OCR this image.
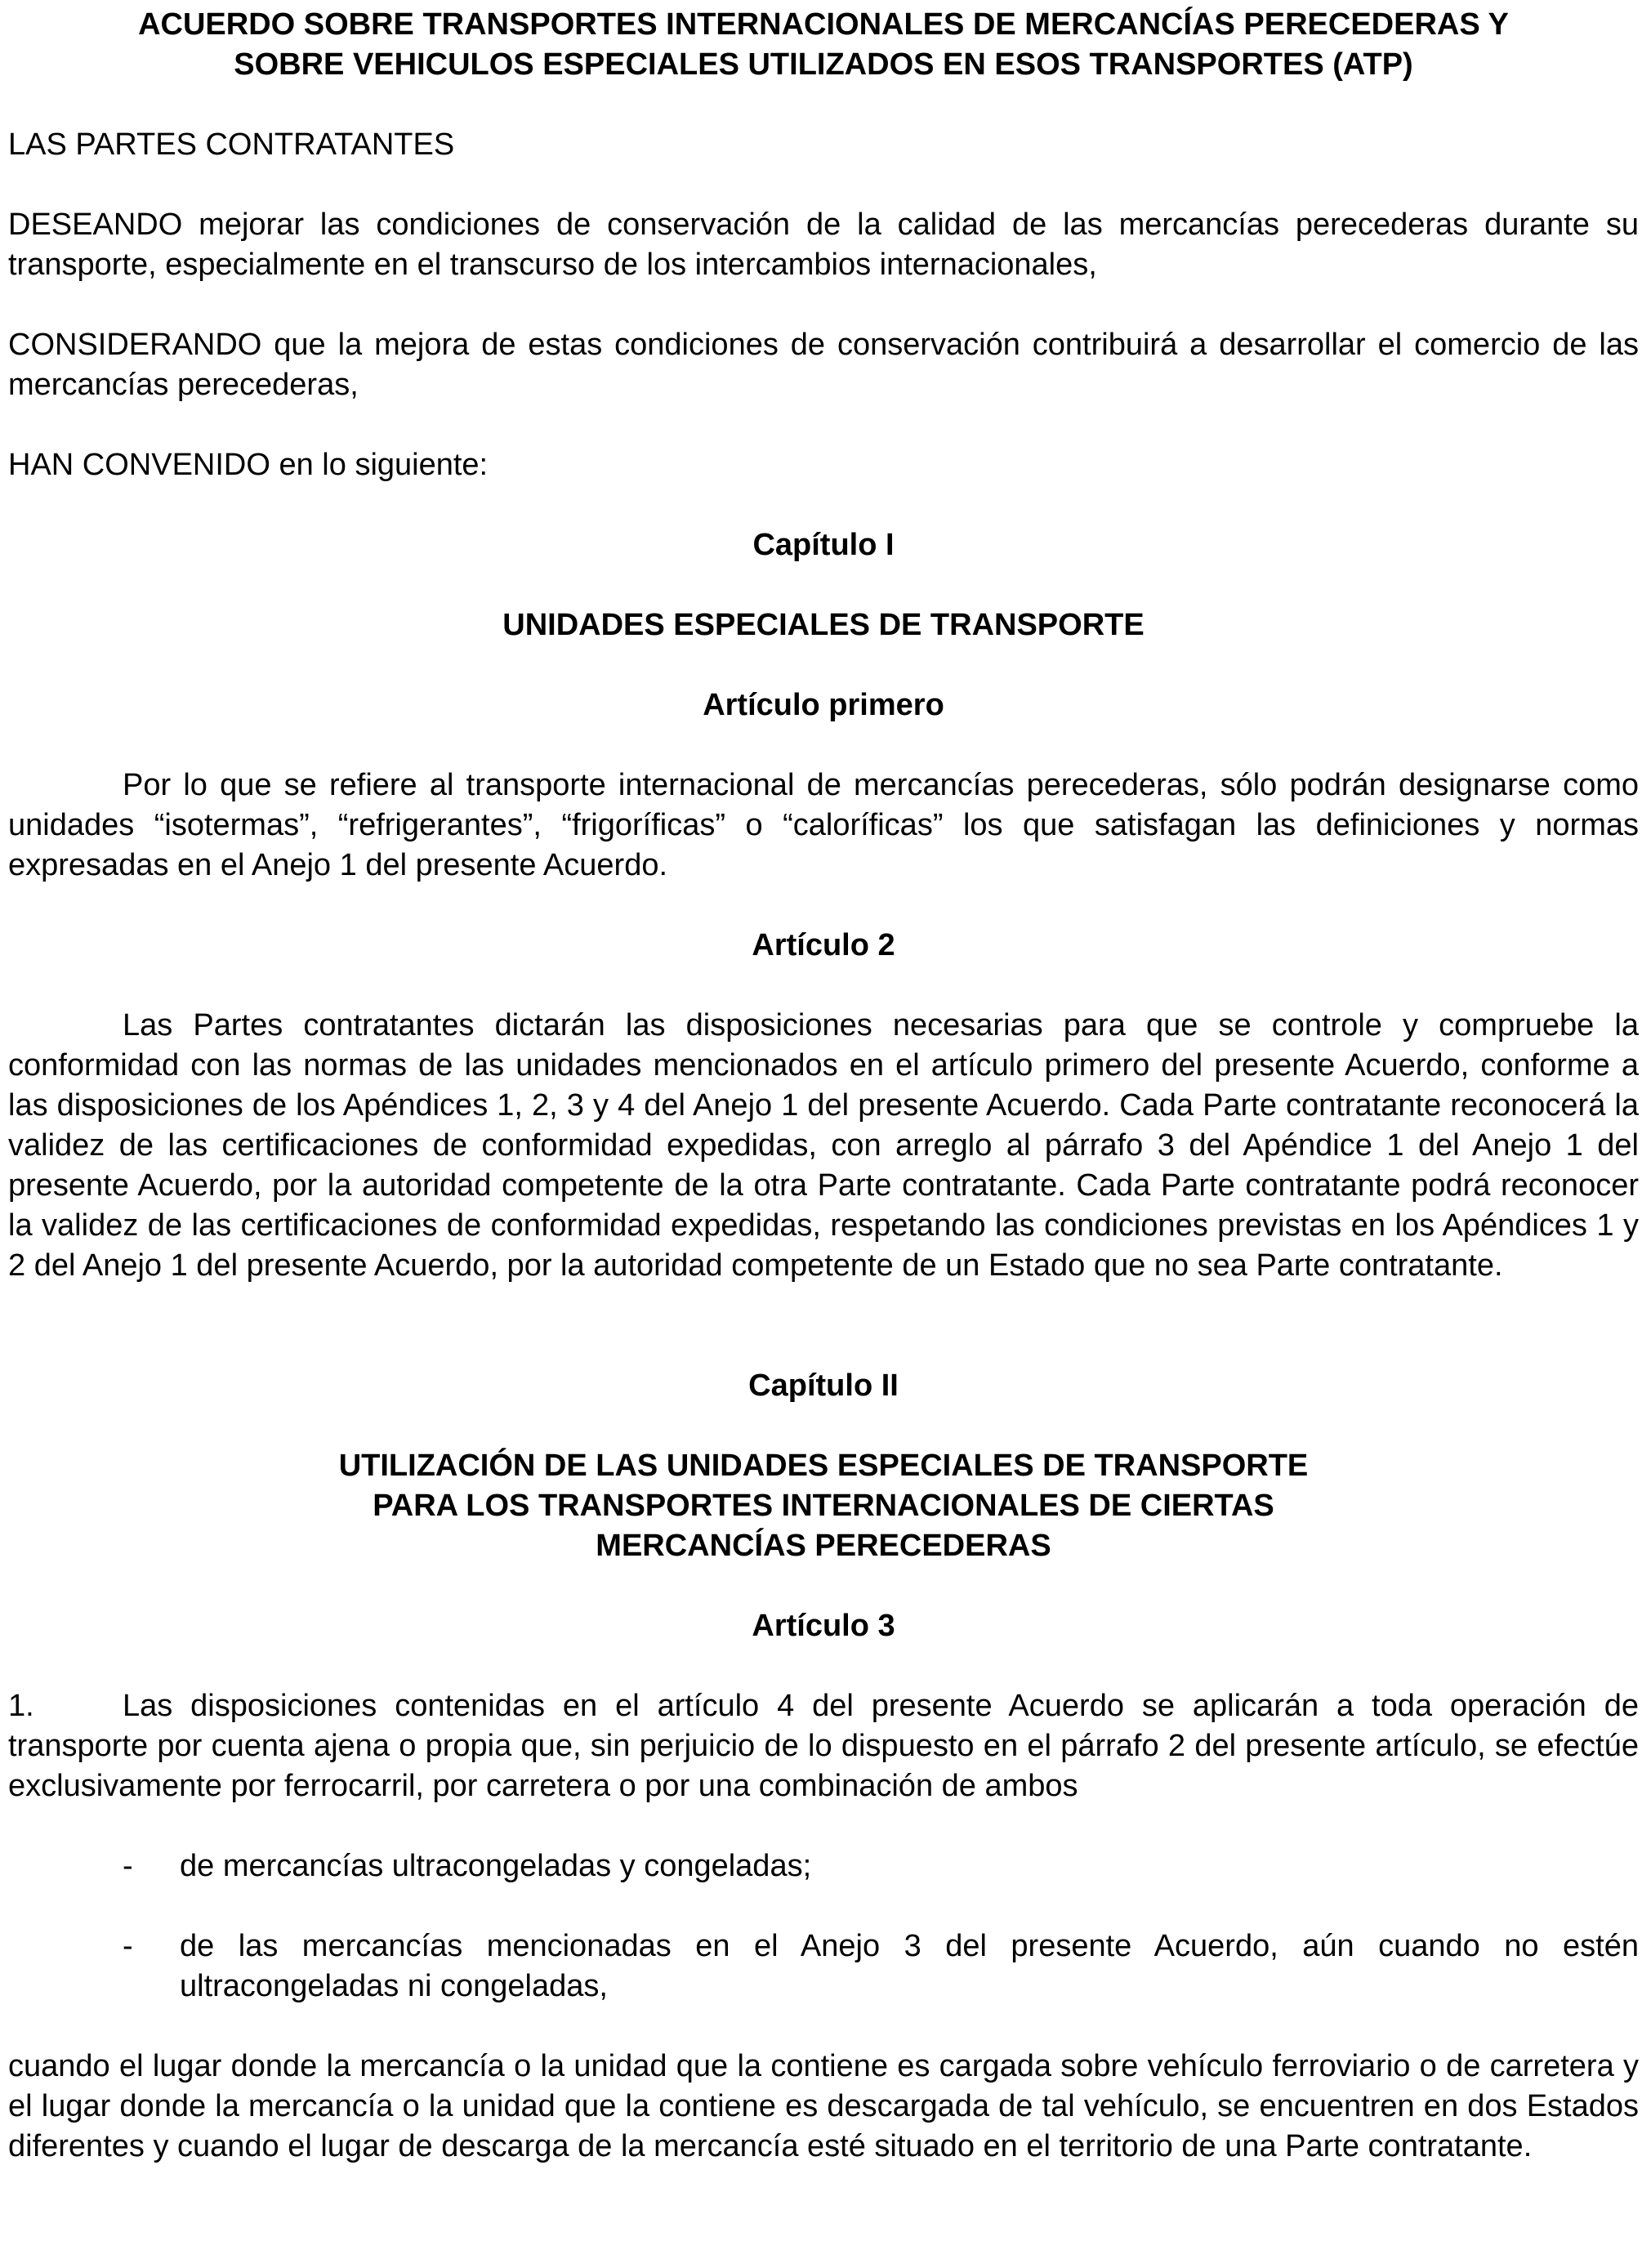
ACUERDO SOBRE TRANSPORTES INTERNACIONALES DE MERCANCÍAS PERECEDERAS Y
SOBRE VEHICULOS ESPECIALES UTILIZADOS EN ESOS TRANSPORTES (ATP)

LAS PARTES CONTRATANTES

DESEANDO mejorar las condiciones de conservación de la calidad de las mercancías perecederas durante su transporte, especialmente en el transcurso de los intercambios internacionales,

CONSIDERANDO que la mejora de estas condiciones de conservación contribuirá a desarrollar el comercio de las mercancías perecederas,

HAN CONVENIDO en lo siguiente:

Capítulo I

UNIDADES ESPECIALES DE TRANSPORTE

Artículo primero

Por lo que se refiere al transporte internacional de mercancías perecederas, sólo podrán designarse como unidades “isotermas”, “refrigerantes”, “frigoríficas” o “caloríficas” los que satisfagan las definiciones y normas expresadas en el Anejo 1 del presente Acuerdo.

Artículo 2

Las Partes contratantes dictarán las disposiciones necesarias para que se controle y compruebe la conformidad con las normas de las unidades mencionados en el artículo primero del presente Acuerdo, conforme a las disposiciones de los Apéndices 1, 2, 3 y 4 del Anejo 1 del presente Acuerdo. Cada Parte contratante reconocerá la validez de las certificaciones de conformidad expedidas, con arreglo al párrafo 3 del Apéndice 1 del Anejo 1 del presente Acuerdo, por la autoridad competente de la otra Parte contratante. Cada Parte contratante podrá reconocer la validez de las certificaciones de conformidad expedidas, respetando las condiciones previstas en los Apéndices 1 y 2 del Anejo 1 del presente Acuerdo, por la autoridad competente de un Estado que no sea Parte contratante.

Capítulo II

UTILIZACIÓN DE LAS UNIDADES ESPECIALES DE TRANSPORTE
PARA LOS TRANSPORTES INTERNACIONALES DE CIERTAS
MERCANCÍAS PERECEDERAS

Artículo 3

1.	Las disposiciones contenidas en el artículo 4 del presente Acuerdo se aplicarán a toda operación de transporte por cuenta ajena o propia que, sin perjuicio de lo dispuesto en el párrafo 2 del presente artículo, se efectúe exclusivamente por ferrocarril, por carretera o por una combinación de ambos

- de mercancías ultracongeladas y congeladas;
- de las mercancías mencionadas en el Anejo 3 del presente Acuerdo, aún cuando no estén ultracongeladas ni congeladas,

cuando el lugar donde la mercancía o la unidad que la contiene es cargada sobre vehículo ferroviario o de carretera y el lugar donde la mercancía o la unidad que la contiene es descargada de tal vehículo, se encuentren en dos Estados diferentes y cuando el lugar de descarga de la mercancía esté situado en el territorio de una Parte contratante.
